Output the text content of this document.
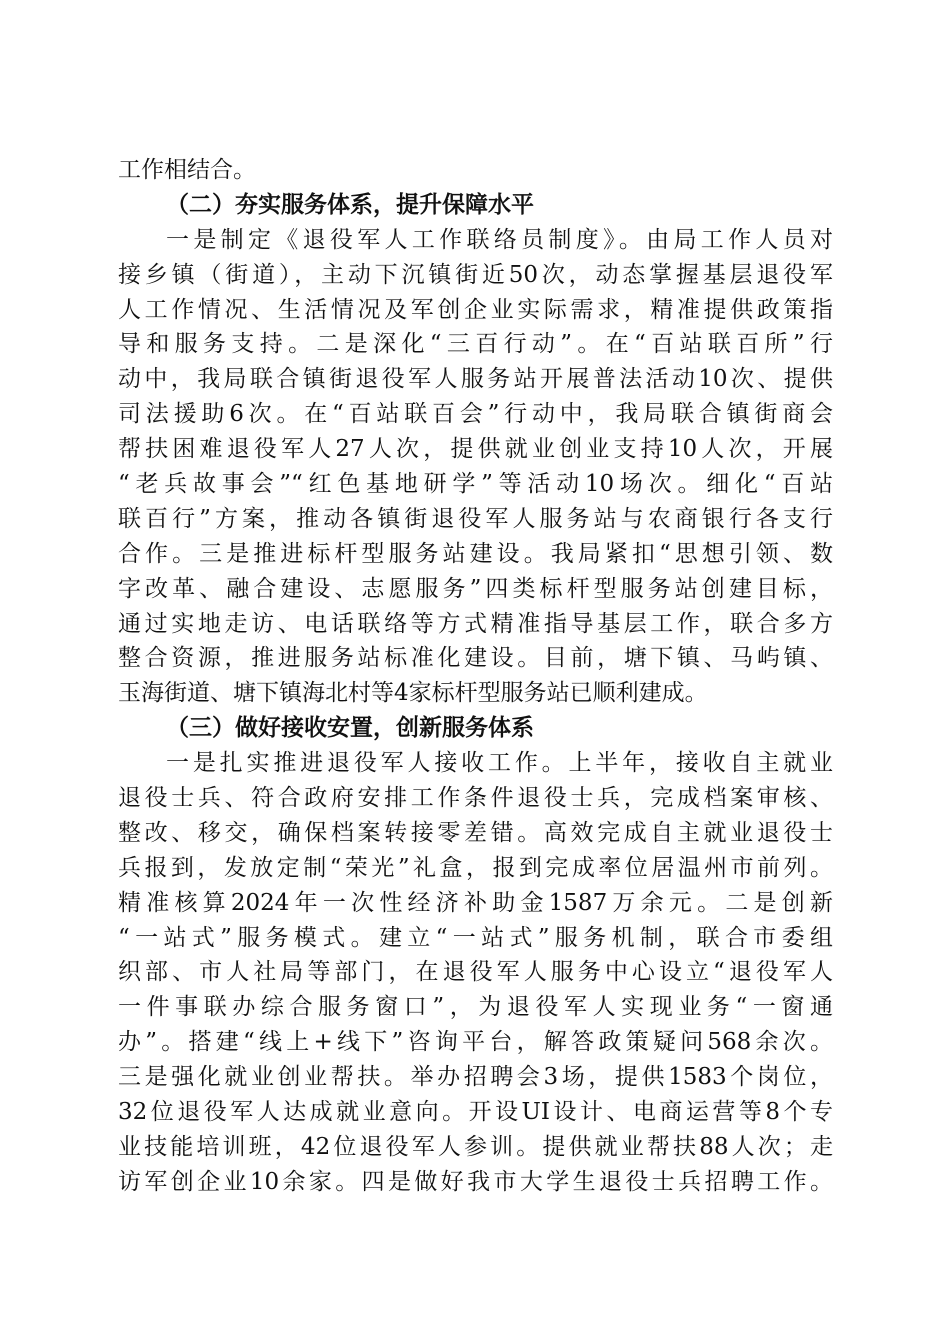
工作相结合。
（二）夯实服务体系，提升保障水平
一是制定《退役军人工作联络员制度》。由局工作人员对
接乡镇（街道），主动下沉镇街近50次，动态掌握基层退役军
人工作情况、生活情况及军创企业实际需求，精准提供政策指
导和服务支持。二是深化“三百行动”。在“百站联百所”行
动中，我局联合镇街退役军人服务站开展普法活动10次、提供
司法援助6次。在“百站联百会”行动中，我局联合镇街商会
帮扶困难退役军人27人次，提供就业创业支持10人次，开展
“老兵故事会”“红色基地研学”等活动10场次。细化“百站
联百行”方案，推动各镇街退役军人服务站与农商银行各支行
合作。三是推进标杆型服务站建设。我局紧扣“思想引领、数
字改革、融合建设、志愿服务”四类标杆型服务站创建目标，
通过实地走访、电话联络等方式精准指导基层工作，联合多方
整合资源，推进服务站标准化建设。目前，塘下镇、马屿镇、
玉海街道、塘下镇海北村等4家标杆型服务站已顺利建成。
（三）做好接收安置，创新服务体系
一是扎实推进退役军人接收工作。上半年，接收自主就业
退役士兵、符合政府安排工作条件退役士兵，完成档案审核、
整改、移交，确保档案转接零差错。高效完成自主就业退役士
兵报到，发放定制“荣光”礼盒，报到完成率位居温州市前列。
精准核算2024年一次性经济补助金1587万余元。二是创新
“一站式”服务模式。建立“一站式”服务机制，联合市委组
织部、市人社局等部门，在退役军人服务中心设立“退役军人
一件事联办综合服务窗口”，为退役军人实现业务“一窗通
办”。搭建“线上+线下”咨询平台，解答政策疑问568余次。
三是强化就业创业帮扶。举办招聘会3场，提供1583个岗位，
32位退役军人达成就业意向。开设UI设计、电商运营等8个专
业技能培训班，42位退役军人参训。提供就业帮扶88人次；走
访军创企业10余家。四是做好我市大学生退役士兵招聘工作。
